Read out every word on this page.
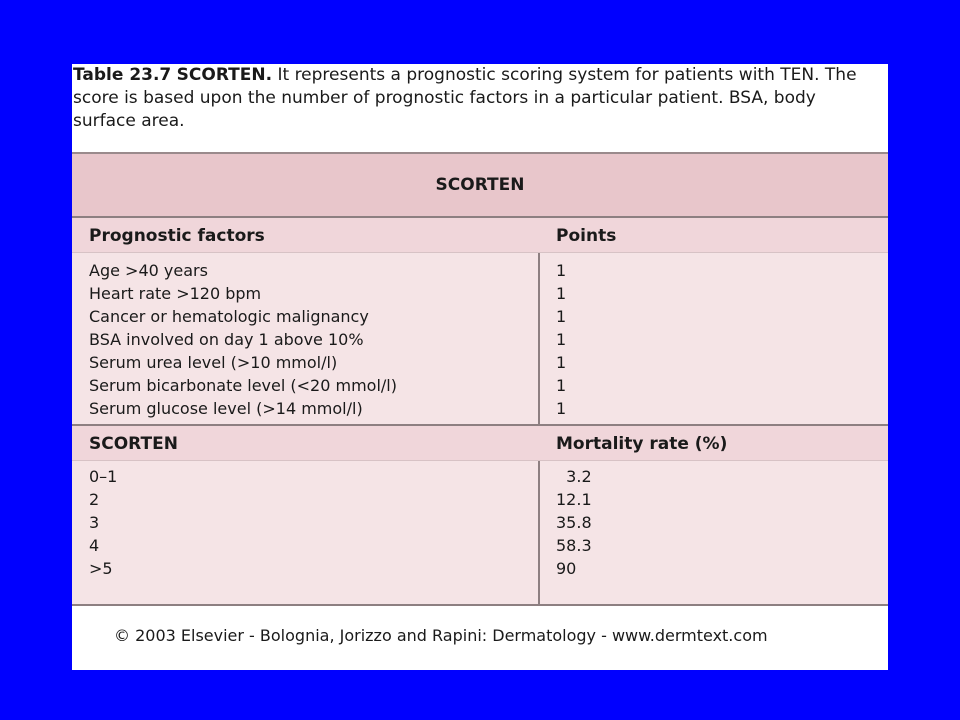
Table 23.7 SCORTEN. It represents a prognostic scoring system for patients with TEN. The score is based upon the number of prognostic factors in a particular patient. BSA, body surface area.
SCORTEN
Prognostic factors	Points
Age >40 years	1
Heart rate >120 bpm	1
Cancer or hematologic malignancy	1
BSA involved on day 1 above 10%	1
Serum urea level (>10 mmol/l)	1
Serum bicarbonate level (<20 mmol/l)	1
Serum glucose level (>14 mmol/l)	1
SCORTEN	Mortality rate (%)
0–1	3.2
2	12.1
3	35.8
4	58.3
>5	90
© 2003 Elsevier - Bolognia, Jorizzo and Rapini: Dermatology - www.dermtext.com
